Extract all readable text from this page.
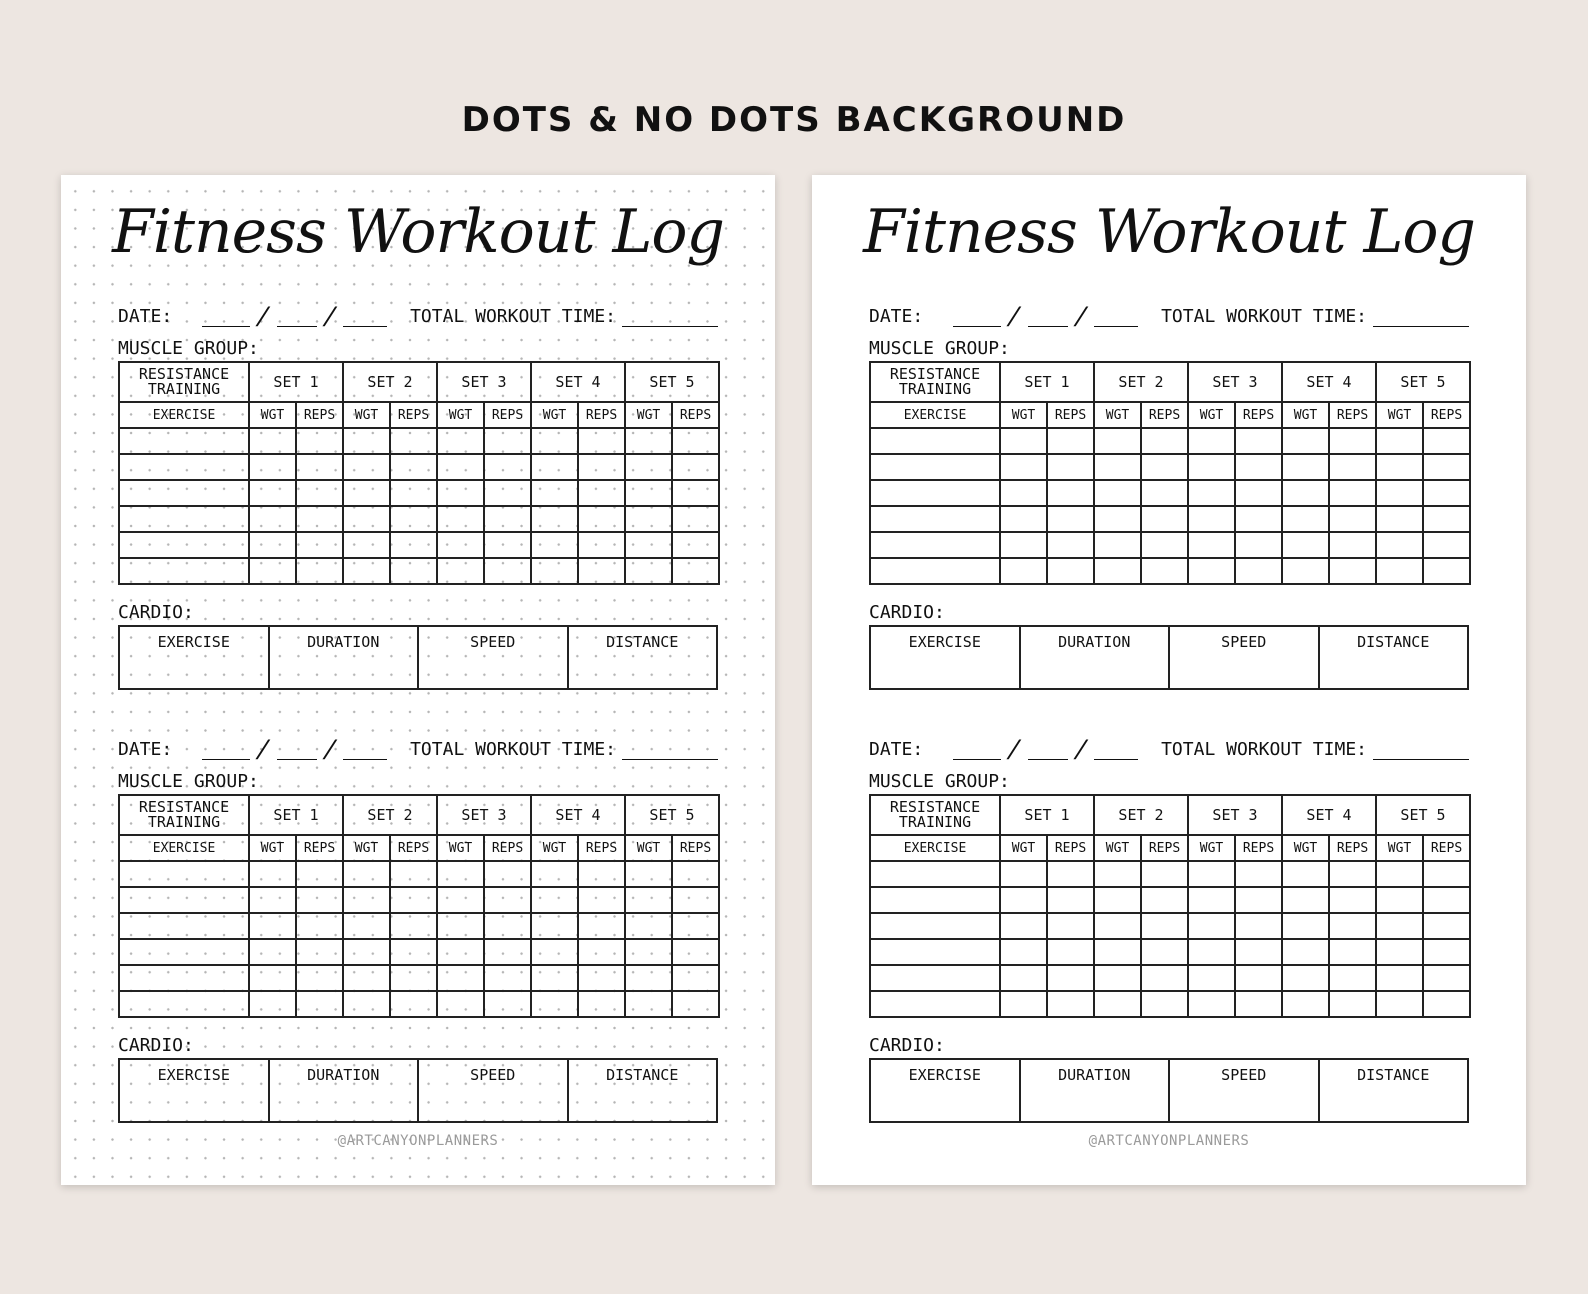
DOTS & NO DOTS BACKGROUND
Fitness Workout Log
DATE:	/ /	TOTAL WORKOUT TIME:
MUSCLE GROUP:
RESISTANCE
TRAINING	SET 1		SET 2		SET 3		SET 4		SET 5	
EXERCISE	WGT	REPS	WGT	REPS	WGT	REPS	WGT	REPS	WGT	REPS

CARDIO:
EXERCISE	DURATION	SPEED	DISTANCE
DATE:	/ /	TOTAL WORKOUT TIME:
MUSCLE GROUP:
RESISTANCE
TRAINING	SET 1		SET 2		SET 3		SET 4		SET 5	
EXERCISE	WGT	REPS	WGT	REPS	WGT	REPS	WGT	REPS	WGT	REPS

CARDIO:
EXERCISE	DURATION	SPEED	DISTANCE
@ARTCANYONPLANNERS
Fitness Workout Log
DATE:	/ /	TOTAL WORKOUT TIME:
MUSCLE GROUP:
RESISTANCE
TRAINING	SET 1		SET 2		SET 3		SET 4		SET 5	
EXERCISE	WGT	REPS	WGT	REPS	WGT	REPS	WGT	REPS	WGT	REPS

CARDIO:
EXERCISE	DURATION	SPEED	DISTANCE
DATE:	/ /	TOTAL WORKOUT TIME:
MUSCLE GROUP:
RESISTANCE
TRAINING	SET 1		SET 2		SET 3		SET 4		SET 5	
EXERCISE	WGT	REPS	WGT	REPS	WGT	REPS	WGT	REPS	WGT	REPS

CARDIO:
EXERCISE	DURATION	SPEED	DISTANCE
@ARTCANYONPLANNERS
